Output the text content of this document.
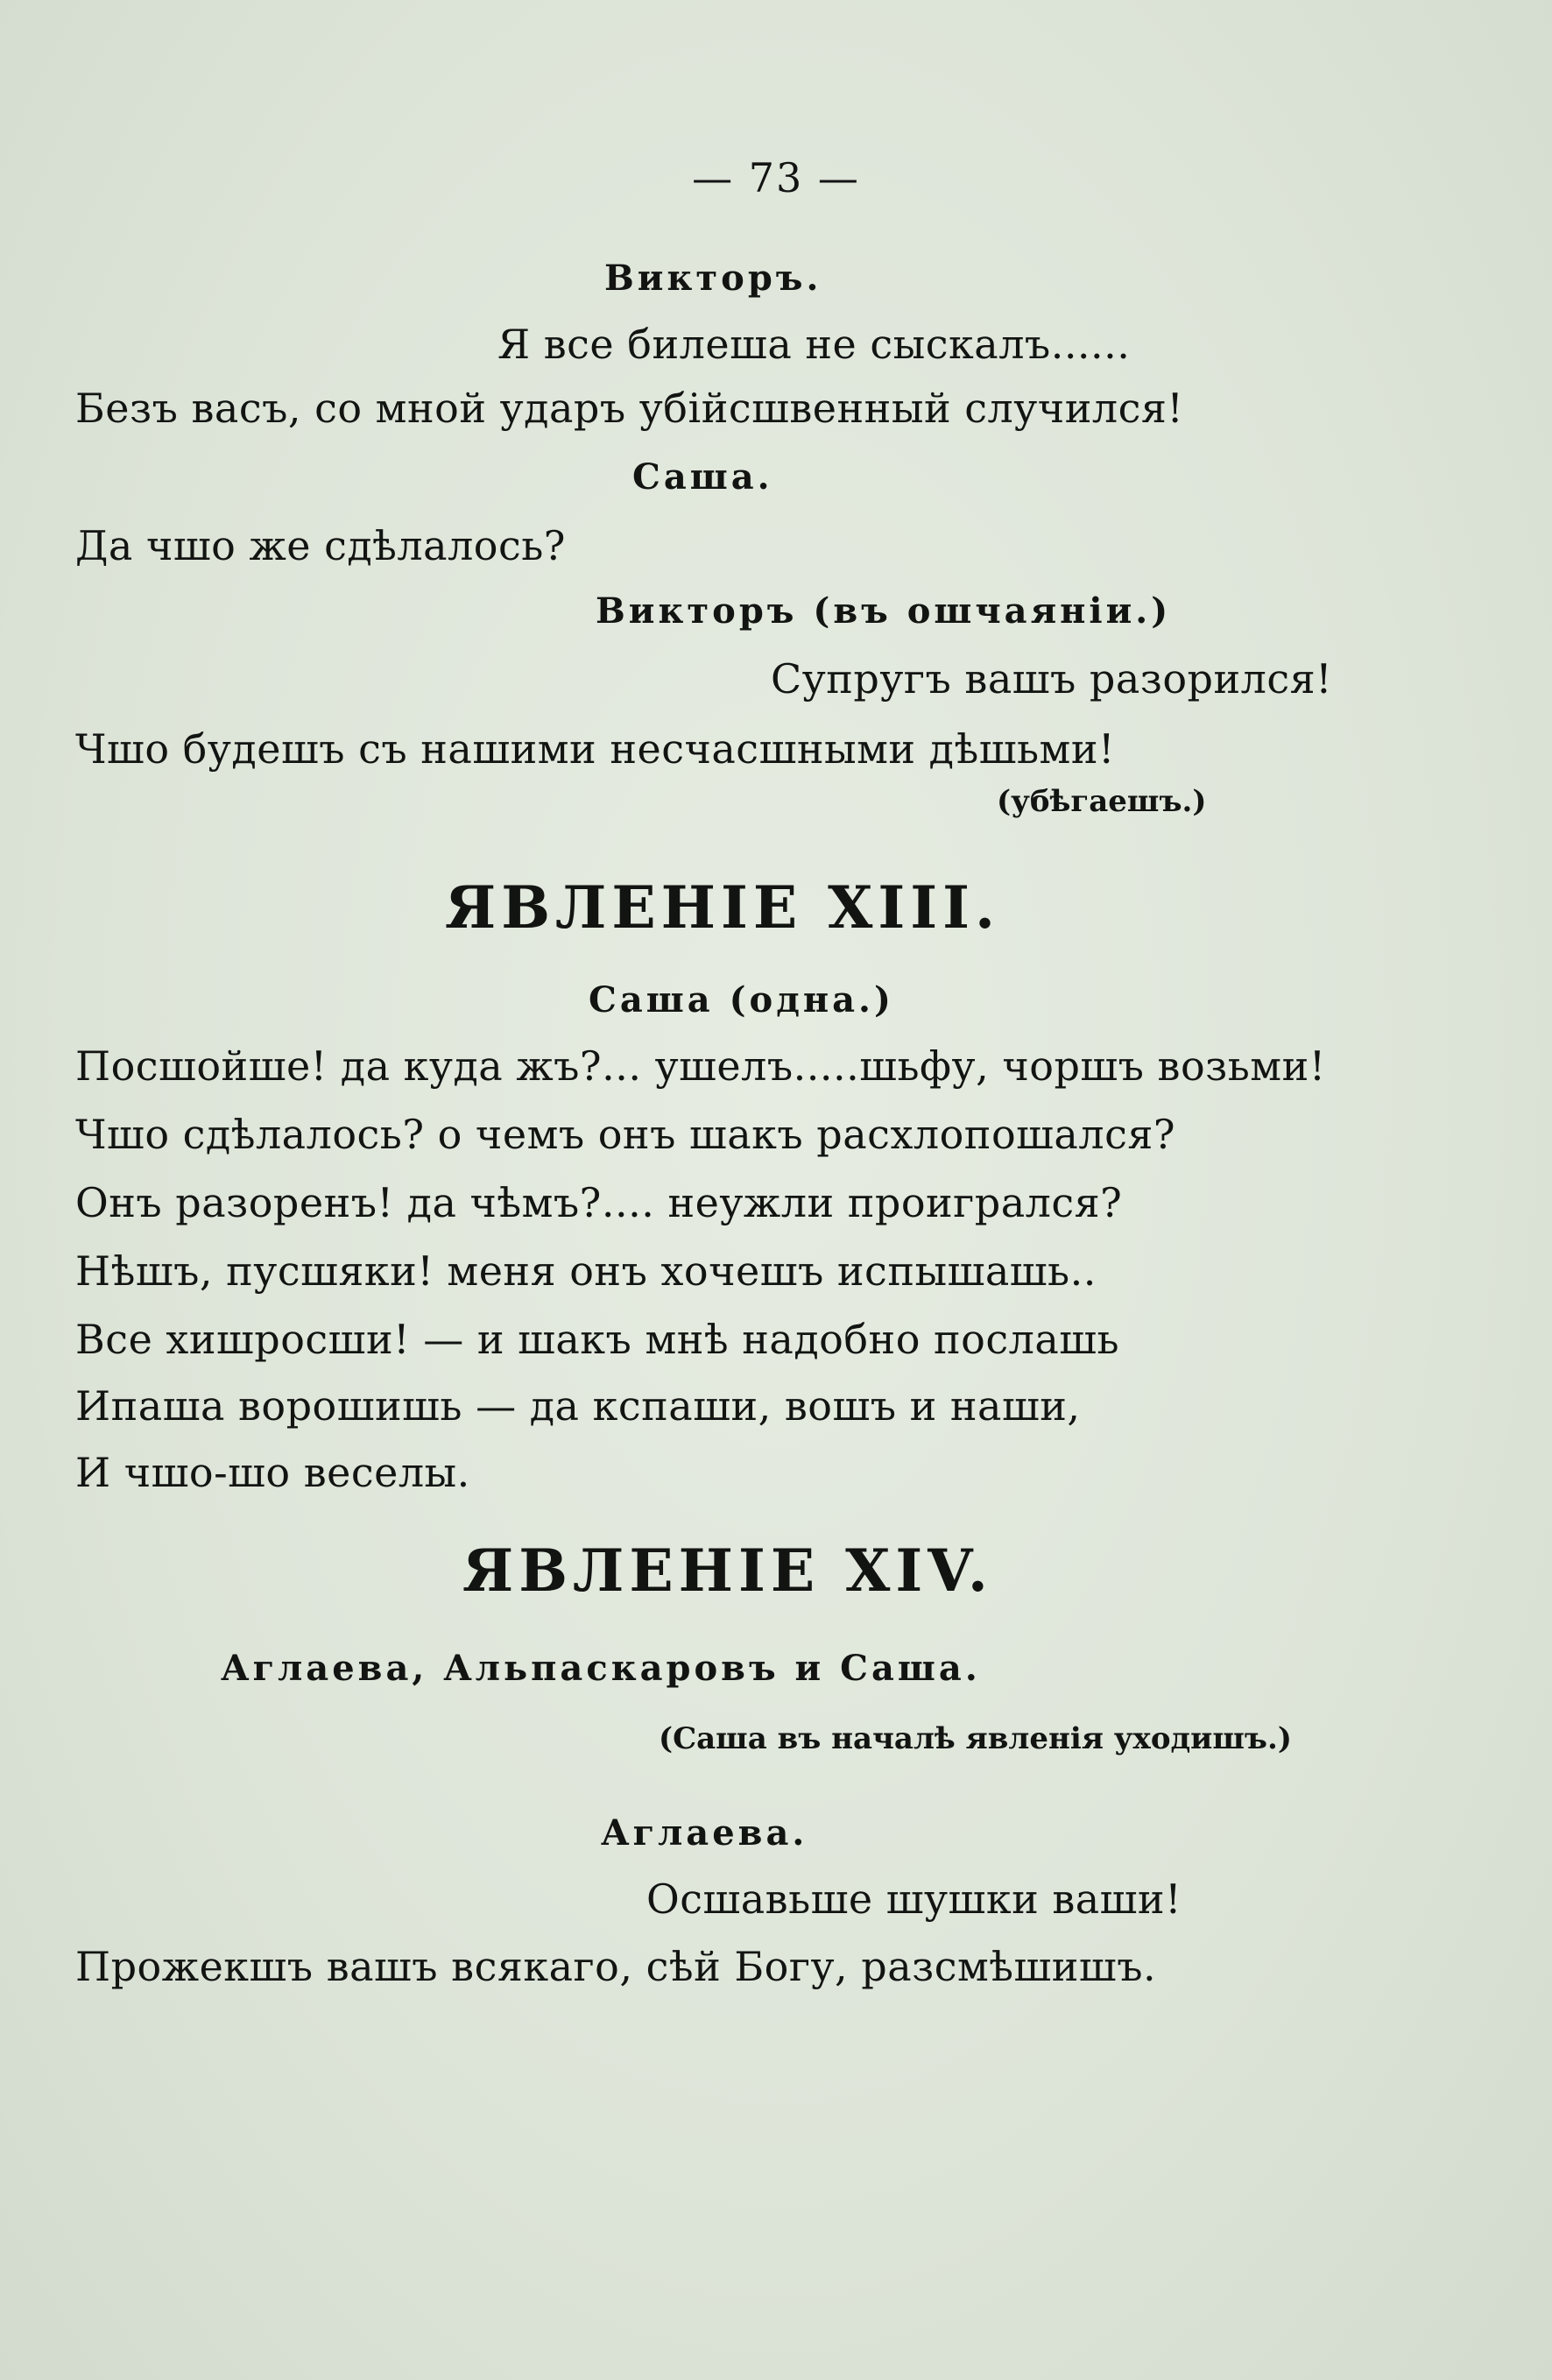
— 73 —

Викторъ.

Я все билеша не сыскалъ......

Безъ васъ, со мной ударъ убійсшвенный случился!

Саша.

Да чшо же сдѣлалось?

Викторъ (въ ошчаяніи.)

Супругъ вашъ разорился!

Чшо будешъ съ нашими несчасшными дѣшьми!

(убѣгаешъ.)

ЯВЛЕНІЕ XIII.

Саша (одна.)

Посшойше! да куда жъ?... ушелъ.....шьфу, чоршъ возьми!

Чшо сдѣлалось? о чемъ онъ шакъ расхлопошался?

Онъ разоренъ! да чѣмъ?.... неужли проигрался?

Нѣшъ, пусшяки! меня онъ хочешъ испышашь..

Все хишросши! — и шакъ мнѣ надобно послашь

Ипаша ворошишь — да кспаши, вошъ и наши,

И чшо-шо веселы.

ЯВЛЕНІЕ XIV.

Аглаева, Альпаскаровъ и Саша.

(Саша въ началѣ явленія уходишъ.)

Аглаева.

Осшавьше шушки ваши!

Прожекшъ вашъ всякаго, сѣй Богу, разсмѣшишъ.
